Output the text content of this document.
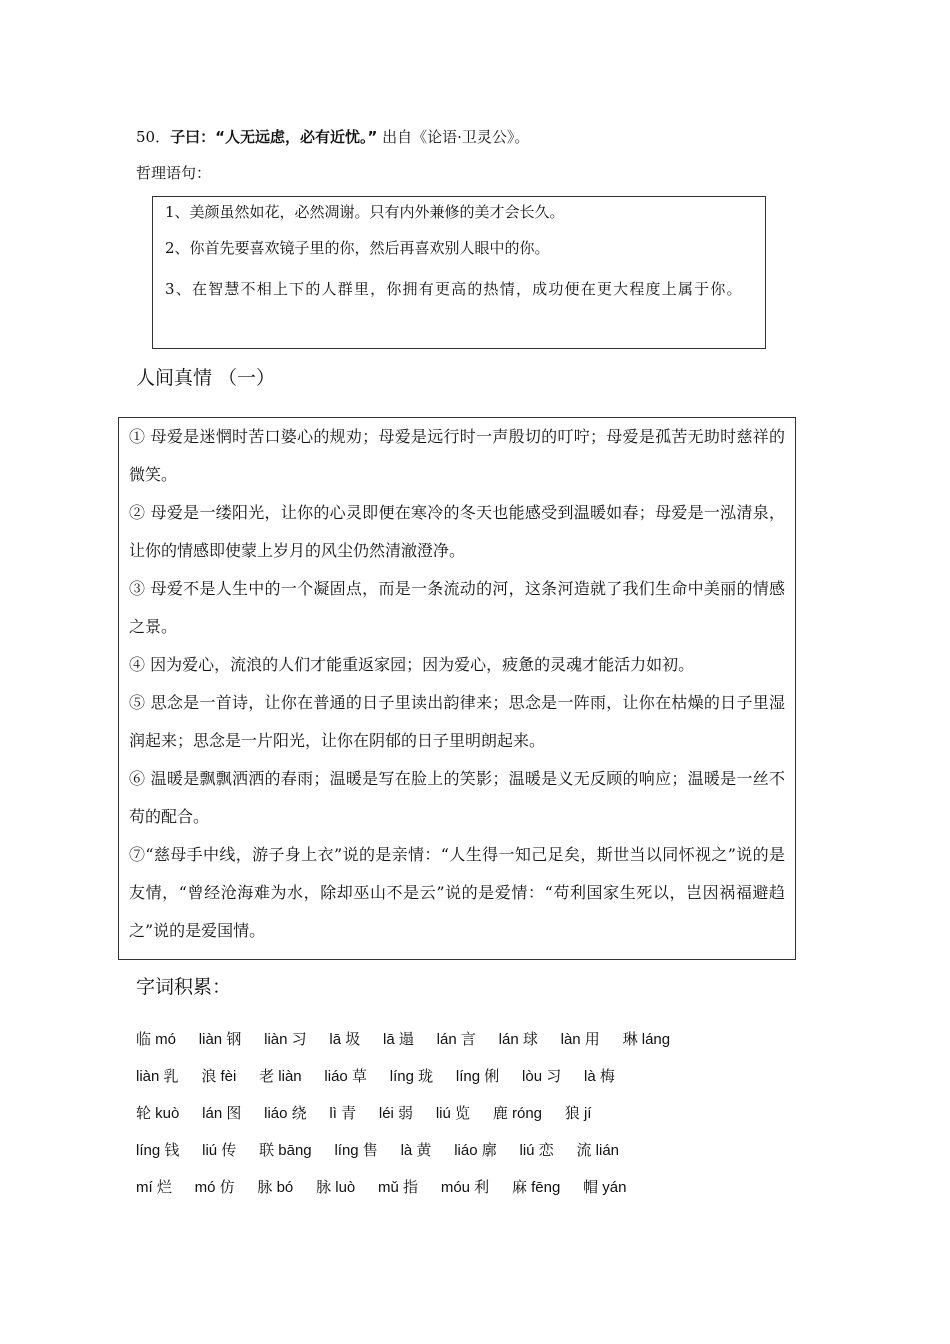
50．子曰：“人无远虑，必有近忧。” 出自《论语·卫灵公》。
哲理语句：

1、美颜虽然如花，必然凋谢。只有内外兼修的美才会长久。

2、你首先要喜欢镜子里的你，然后再喜欢别人眼中的你。

3、在智慧不相上下的人群里，你拥有更高的热情，成功便在更大程度上属于你。

人间真情 （一）

① 母爱是迷惘时苦口婆心的规劝；母爱是远行时一声殷切的叮咛；母爱是孤苦无助时慈祥的微笑。

② 母爱是一缕阳光，让你的心灵即便在寒冷的冬天也能感受到温暖如春；母爱是一泓清泉，让你的情感即使蒙上岁月的风尘仍然清澈澄净。

③ 母爱不是人生中的一个凝固点，而是一条流动的河，这条河造就了我们生命中美丽的情感之景。

④ 因为爱心，流浪的人们才能重返家园；因为爱心，疲惫的灵魂才能活力如初。

⑤ 思念是一首诗，让你在普通的日子里读出韵律来；思念是一阵雨，让你在枯燥的日子里湿润起来；思念是一片阳光，让你在阴郁的日子里明朗起来。

⑥ 温暖是飘飘洒洒的春雨；温暖是写在脸上的笑影；温暖是义无反顾的响应；温暖是一丝不苟的配合。

⑦“慈母手中线，游子身上衣”说的是亲情：“人生得一知己足矣，斯世当以同怀视之”说的是友情，“曾经沧海难为水，除却巫山不是云”说的是爱情：“苟利国家生死以，岂因祸福避趋之”说的是爱国情。

字词积累：
临 mó liàn 钢 liàn 习 lā 圾 lā 遢 lán 言 lán 球 làn 用 琳 láng
liàn 乳 浪 fèi 老 liàn liáo 草 líng 珑 líng 俐 lòu 习 là 梅
轮 kuò lán 图 liáo 绕 lì 青 léi 弱 liú 览 鹿 róng 狼 jí
líng 钱 liú 传 联 bāng líng 售 là 黄 liáo 廓 liú 恋 流 lián
mí 烂 mó 仿 脉 bó 脉 luò mǔ 指 móu 利 麻 fēng 帽 yán
